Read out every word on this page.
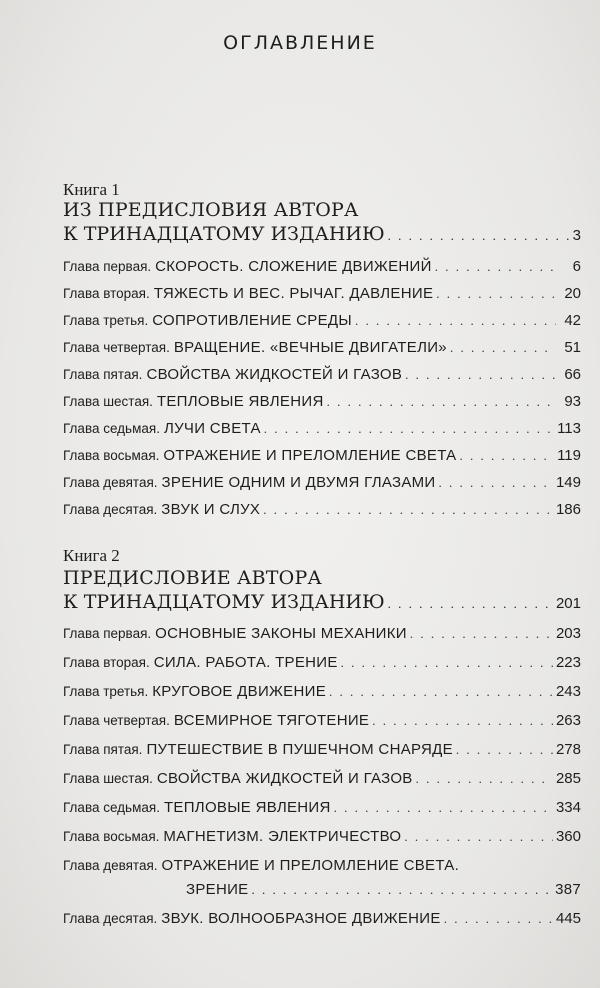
ОГЛАВЛЕНИЕ
Книга 1
ИЗ ПРЕДИСЛОВИЯ АВТОРА
К ТРИНАДЦАТОМУ ИЗДАНИЮ . . .	3
Глава первая. СКОРОСТЬ. СЛОЖЕНИЕ ДВИЖЕНИЙ . . .	6
Глава вторая. ТЯЖЕСТЬ И ВЕС. РЫЧАГ. ДАВЛЕНИЕ . . .	20
Глава третья. СОПРОТИВЛЕНИЕ СРЕДЫ . . .	42
Глава четвертая. ВРАЩЕНИЕ. «ВЕЧНЫЕ ДВИГАТЕЛИ» . . .	51
Глава пятая. СВОЙСТВА ЖИДКОСТЕЙ И ГАЗОВ . . .	66
Глава шестая. ТЕПЛОВЫЕ ЯВЛЕНИЯ . . .	93
Глава седьмая. ЛУЧИ СВЕТА . . .	113
Глава восьмая. ОТРАЖЕНИЕ И ПРЕЛОМЛЕНИЕ СВЕТА . . .	119
Глава девятая. ЗРЕНИЕ ОДНИМ И ДВУМЯ ГЛАЗАМИ . . .	149
Глава десятая. ЗВУК И СЛУХ . . .	186
Книга 2
ПРЕДИСЛОВИЕ АВТОРА
К ТРИНАДЦАТОМУ ИЗДАНИЮ . . .	201
Глава первая. ОСНОВНЫЕ ЗАКОНЫ МЕХАНИКИ . . .	203
Глава вторая. СИЛА. РАБОТА. ТРЕНИЕ . . .	223
Глава третья. КРУГОВОЕ ДВИЖЕНИЕ . . .	243
Глава четвертая. ВСЕМИРНОЕ ТЯГОТЕНИЕ . . .	263
Глава пятая. ПУТЕШЕСТВИЕ В ПУШЕЧНОМ СНАРЯДЕ . . .	278
Глава шестая. СВОЙСТВА ЖИДКОСТЕЙ И ГАЗОВ . . .	285
Глава седьмая. ТЕПЛОВЫЕ ЯВЛЕНИЯ . . .	334
Глава восьмая. МАГНЕТИЗМ. ЭЛЕКТРИЧЕСТВО . . .	360
Глава девятая. ОТРАЖЕНИЕ И ПРЕЛОМЛЕНИЕ СВЕТА.
ЗРЕНИЕ . . .	387
Глава десятая. ЗВУК. ВОЛНООБРАЗНОЕ ДВИЖЕНИЕ . . .	445
